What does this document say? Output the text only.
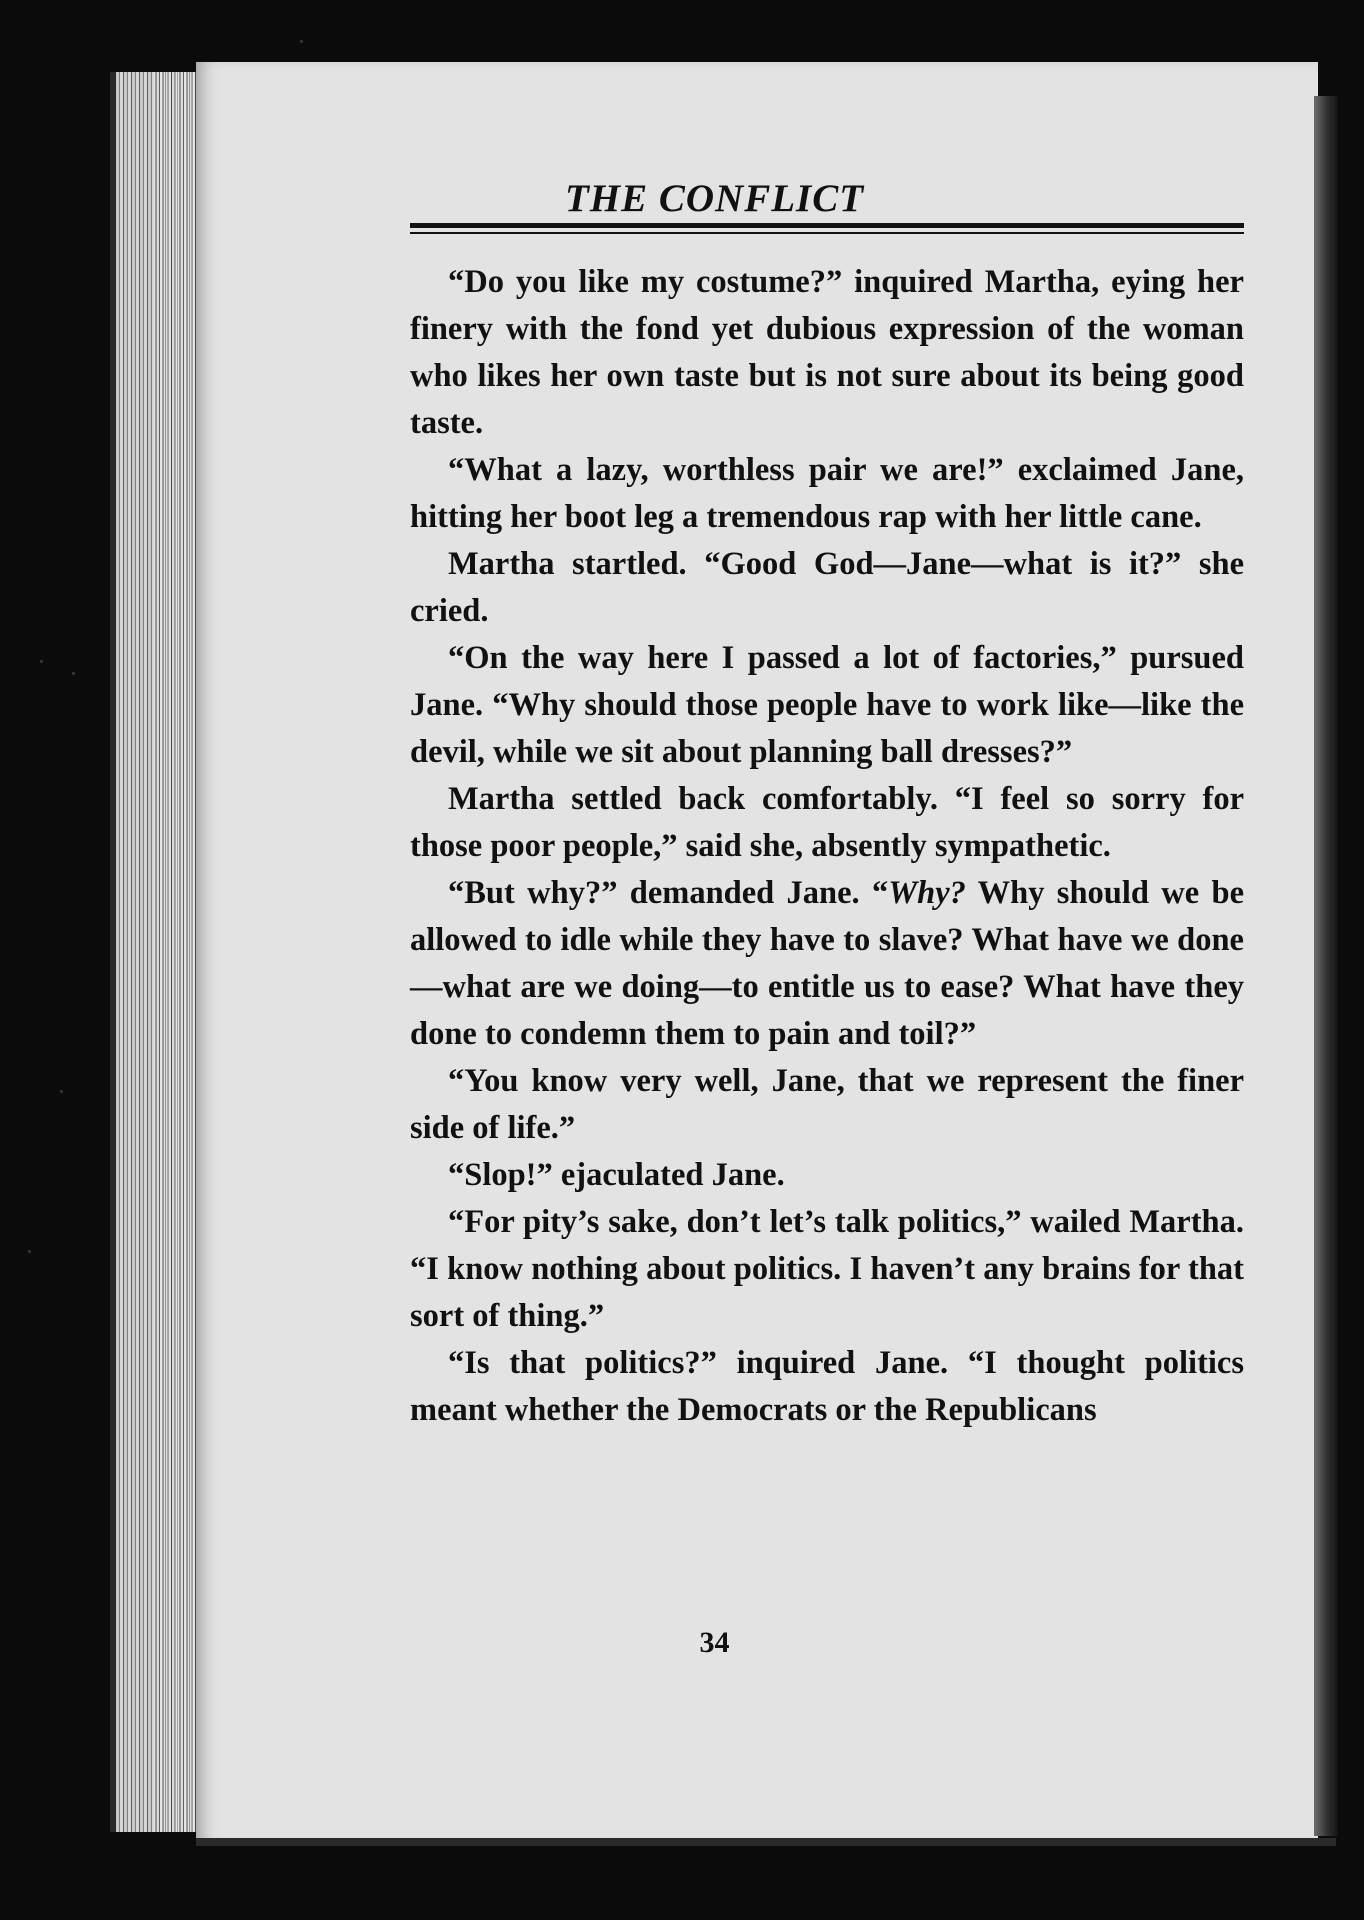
THE CONFLICT

“Do you like my costume?” inquired Martha, eying her finery with the fond yet dubious expression of the woman who likes her own taste but is not sure about its being good taste.

“What a lazy, worthless pair we are!” exclaimed Jane, hitting her boot leg a tremendous rap with her little cane.

Martha startled. “Good God—Jane—what is it?” she cried.

“On the way here I passed a lot of factories,” pursued Jane. “Why should those people have to work like—like the devil, while we sit about planning ball dresses?”

Martha settled back comfortably. “I feel so sorry for those poor people,” said she, absently sympathetic.

“But why?” demanded Jane. “Why? Why should we be allowed to idle while they have to slave? What have we done—what are we doing—to entitle us to ease? What have they done to condemn them to pain and toil?”

“You know very well, Jane, that we represent the finer side of life.”

“Slop!” ejaculated Jane.

“For pity’s sake, don’t let’s talk politics,” wailed Martha. “I know nothing about politics. I haven’t any brains for that sort of thing.”

“Is that politics?” inquired Jane. “I thought politics meant whether the Democrats or the Republicans

34
